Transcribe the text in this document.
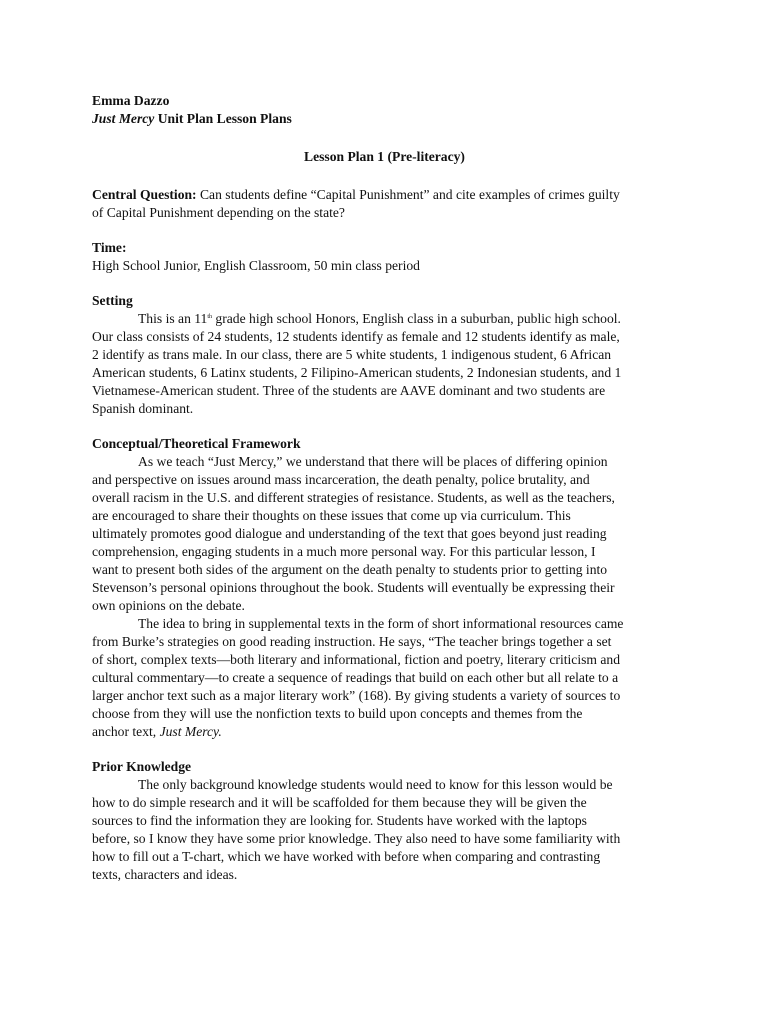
Emma Dazzo
Just Mercy Unit Plan Lesson Plans
Lesson Plan 1 (Pre-literacy)
Central Question: Can students define “Capital Punishment” and cite examples of crimes guilty
of Capital Punishment depending on the state?
Time:
High School Junior, English Classroom, 50 min class period
Setting
This is an 11th grade high school Honors, English class in a suburban, public high school.
Our class consists of 24 students, 12 students identify as female and 12 students identify as male,
2 identify as trans male. In our class, there are 5 white students, 1 indigenous student, 6 African
American students, 6 Latinx students, 2 Filipino-American students, 2 Indonesian students, and 1
Vietnamese-American student. Three of the students are AAVE dominant and two students are
Spanish dominant.
Conceptual/Theoretical Framework
As we teach “Just Mercy,” we understand that there will be places of differing opinion
and perspective on issues around mass incarceration, the death penalty, police brutality, and
overall racism in the U.S. and different strategies of resistance. Students, as well as the teachers,
are encouraged to share their thoughts on these issues that come up via curriculum. This
ultimately promotes good dialogue and understanding of the text that goes beyond just reading
comprehension, engaging students in a much more personal way. For this particular lesson, I
want to present both sides of the argument on the death penalty to students prior to getting into
Stevenson’s personal opinions throughout the book. Students will eventually be expressing their
own opinions on the debate.
The idea to bring in supplemental texts in the form of short informational resources came
from Burke’s strategies on good reading instruction. He says, “The teacher brings together a set
of short, complex texts—both literary and informational, fiction and poetry, literary criticism and
cultural commentary—to create a sequence of readings that build on each other but all relate to a
larger anchor text such as a major literary work” (168). By giving students a variety of sources to
choose from they will use the nonfiction texts to build upon concepts and themes from the
anchor text, Just Mercy.
Prior Knowledge
The only background knowledge students would need to know for this lesson would be
how to do simple research and it will be scaffolded for them because they will be given the
sources to find the information they are looking for. Students have worked with the laptops
before, so I know they have some prior knowledge. They also need to have some familiarity with
how to fill out a T-chart, which we have worked with before when comparing and contrasting
texts, characters and ideas.
